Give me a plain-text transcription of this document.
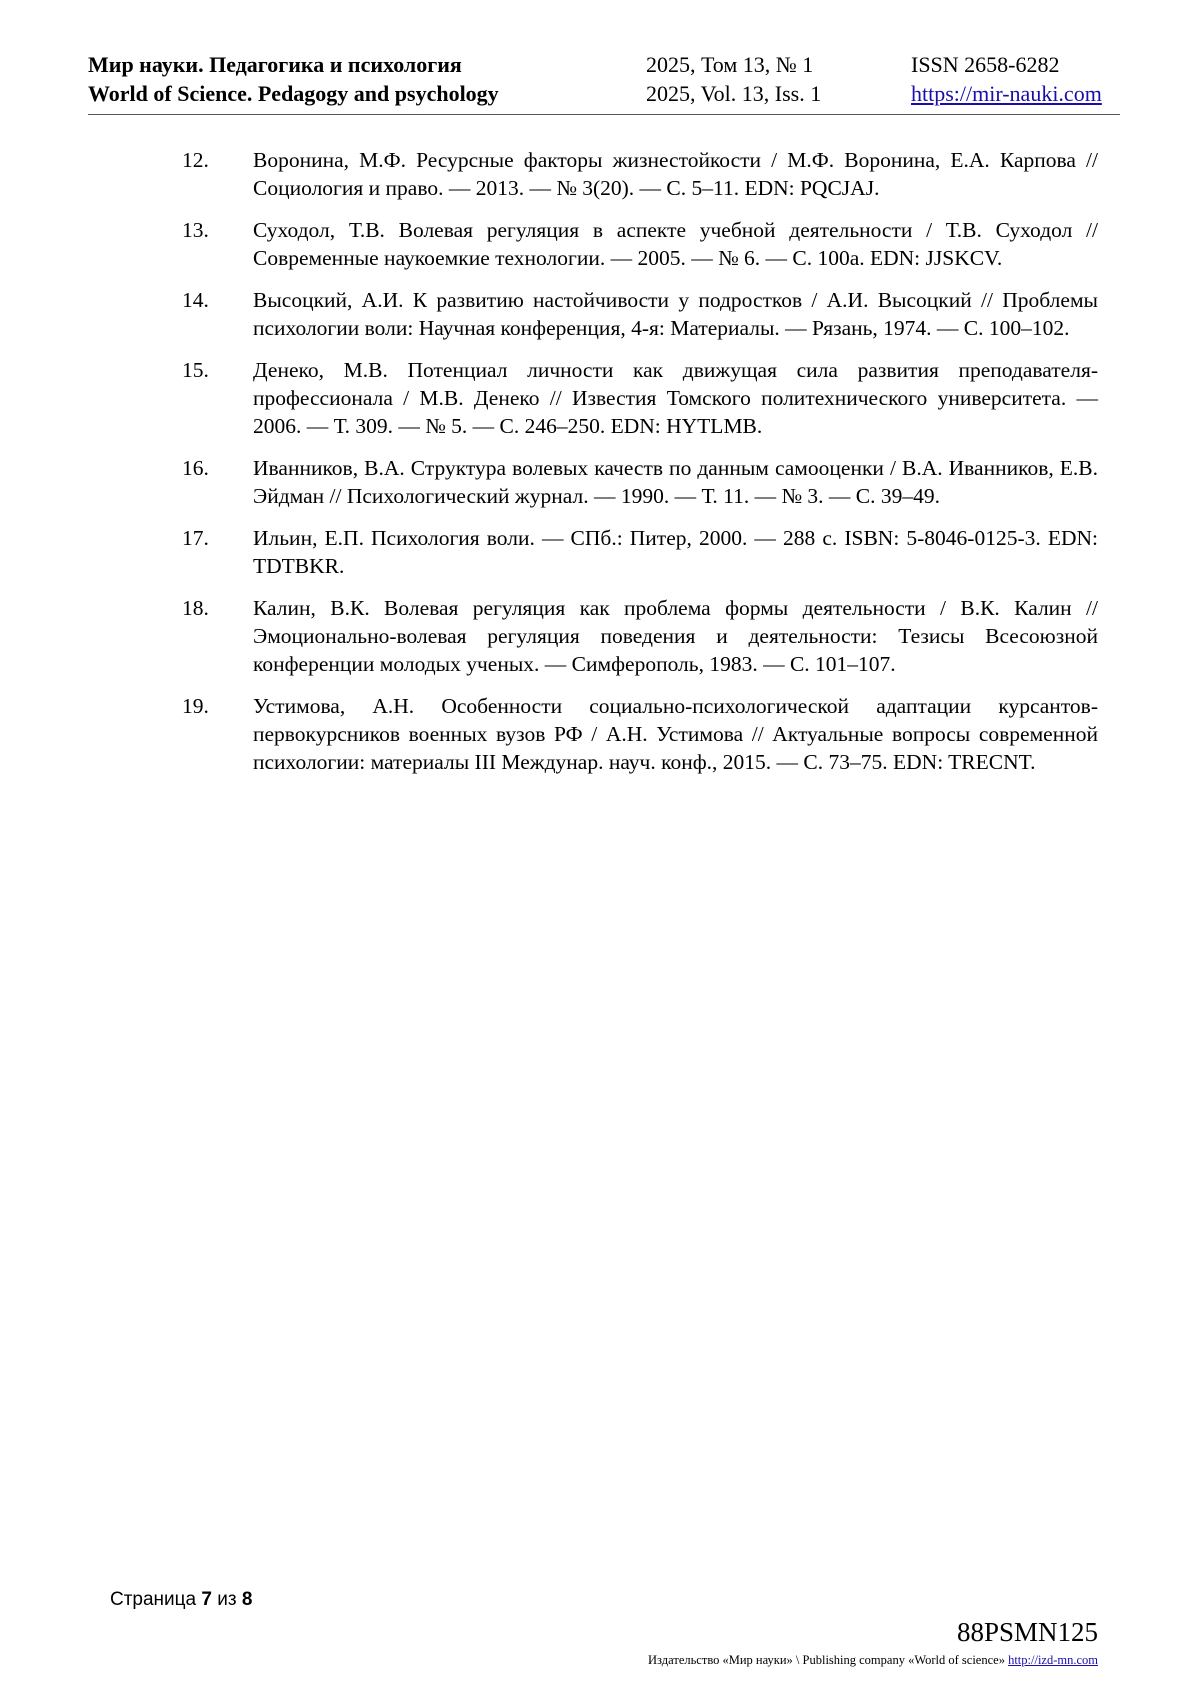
Мир науки. Педагогика и психология
World of Science. Pedagogy and psychology
2025, Том 13, № 1
2025, Vol. 13, Iss. 1
ISSN 2658-6282
https://mir-nauki.com
12. Воронина, М.Ф. Ресурсные факторы жизнестойкости / М.Ф. Воронина, Е.А. Карпова // Социология и право. — 2013. — № 3(20). — С. 5–11. EDN: PQCJAJ.
13. Суходол, Т.В. Волевая регуляция в аспекте учебной деятельности / Т.В. Суходол // Современные наукоемкие технологии. — 2005. — № 6. — С. 100а. EDN: JJSKCV.
14. Высоцкий, А.И. К развитию настойчивости у подростков / А.И. Высоцкий // Проблемы психологии воли: Научная конференция, 4-я: Материалы. — Рязань, 1974. — С. 100–102.
15. Денеко, М.В. Потенциал личности как движущая сила развития преподавателя-профессионала / М.В. Денеко // Известия Томского политехнического университета. — 2006. — Т. 309. — № 5. — С. 246–250. EDN: HYTLMB.
16. Иванников, В.А. Структура волевых качеств по данным самооценки / В.А. Иванников, Е.В. Эйдман // Психологический журнал. — 1990. — Т. 11. — № 3. — С. 39–49.
17. Ильин, Е.П. Психология воли. — СПб.: Питер, 2000. — 288 с. ISBN: 5-8046-0125-3. EDN: TDTBKR.
18. Калин, В.К. Волевая регуляция как проблема формы деятельности / В.К. Калин // Эмоционально-волевая регуляция поведения и деятельности: Тезисы Всесоюзной конференции молодых ученых. — Симферополь, 1983. — С. 101–107.
19. Устимова, А.Н. Особенности социально-психологической адаптации курсантов-первокурсников военных вузов РФ / А.Н. Устимова // Актуальные вопросы современной психологии: материалы III Междунар. науч. конф., 2015. — С. 73–75. EDN: TRECNT.
Страница 7 из 8
88PSMN125
Издательство «Мир науки» \ Publishing company «World of science» http://izd-mn.com
